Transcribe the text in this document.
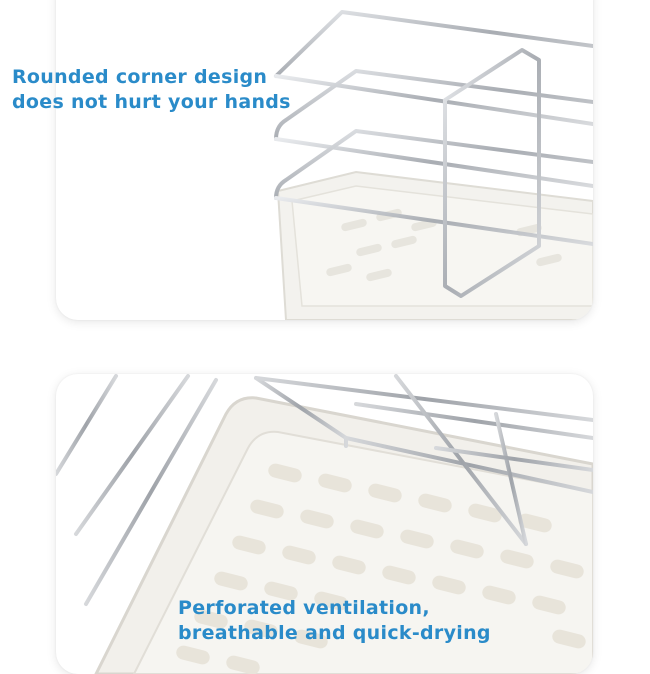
Rounded corner design
does not hurt your hands
Perforated ventilation,
breathable and quick-drying
